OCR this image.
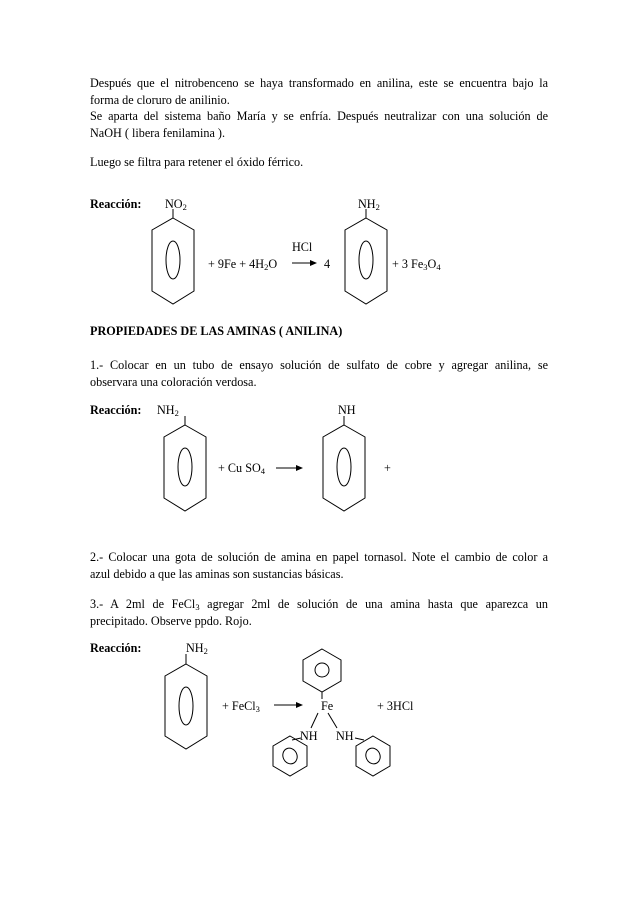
Después que el nitrobenceno se haya transformado en anilina, este se encuentra bajo la
forma de cloruro de anilinio.
Se aparta del sistema baño María y se enfría. Después neutralizar con una solución de
NaOH ( libera fenilamina ).
Luego se filtra para retener el óxido férrico.
Reacción: $NO_2$	$NH_2$
HCl
+ $9Fe + 4H_2O$	4	+ 3 $Fe_3O_4$
PROPIEDADES DE LAS AMINAS ( ANILINA)
1.- Colocar en un tubo de ensayo solución de sulfato de cobre y agregar anilina, se
observara una coloración verdosa.
Reacción: $NH_2$	NH
+ Cu $SO_4$	+
2.- Colocar una gota de solución de amina en papel tornasol. Note el cambio de color a
azul debido a que las aminas son sustancias básicas.
3.- A 2ml de FeCl$_3$ agregar 2ml de solución de una amina hasta que aparezca un
precipitado. Observe ppdo. Rojo.
Reacción:	$NH_2$
+ FeCl$_3$	Fe	+ 3HCl
NH NH
